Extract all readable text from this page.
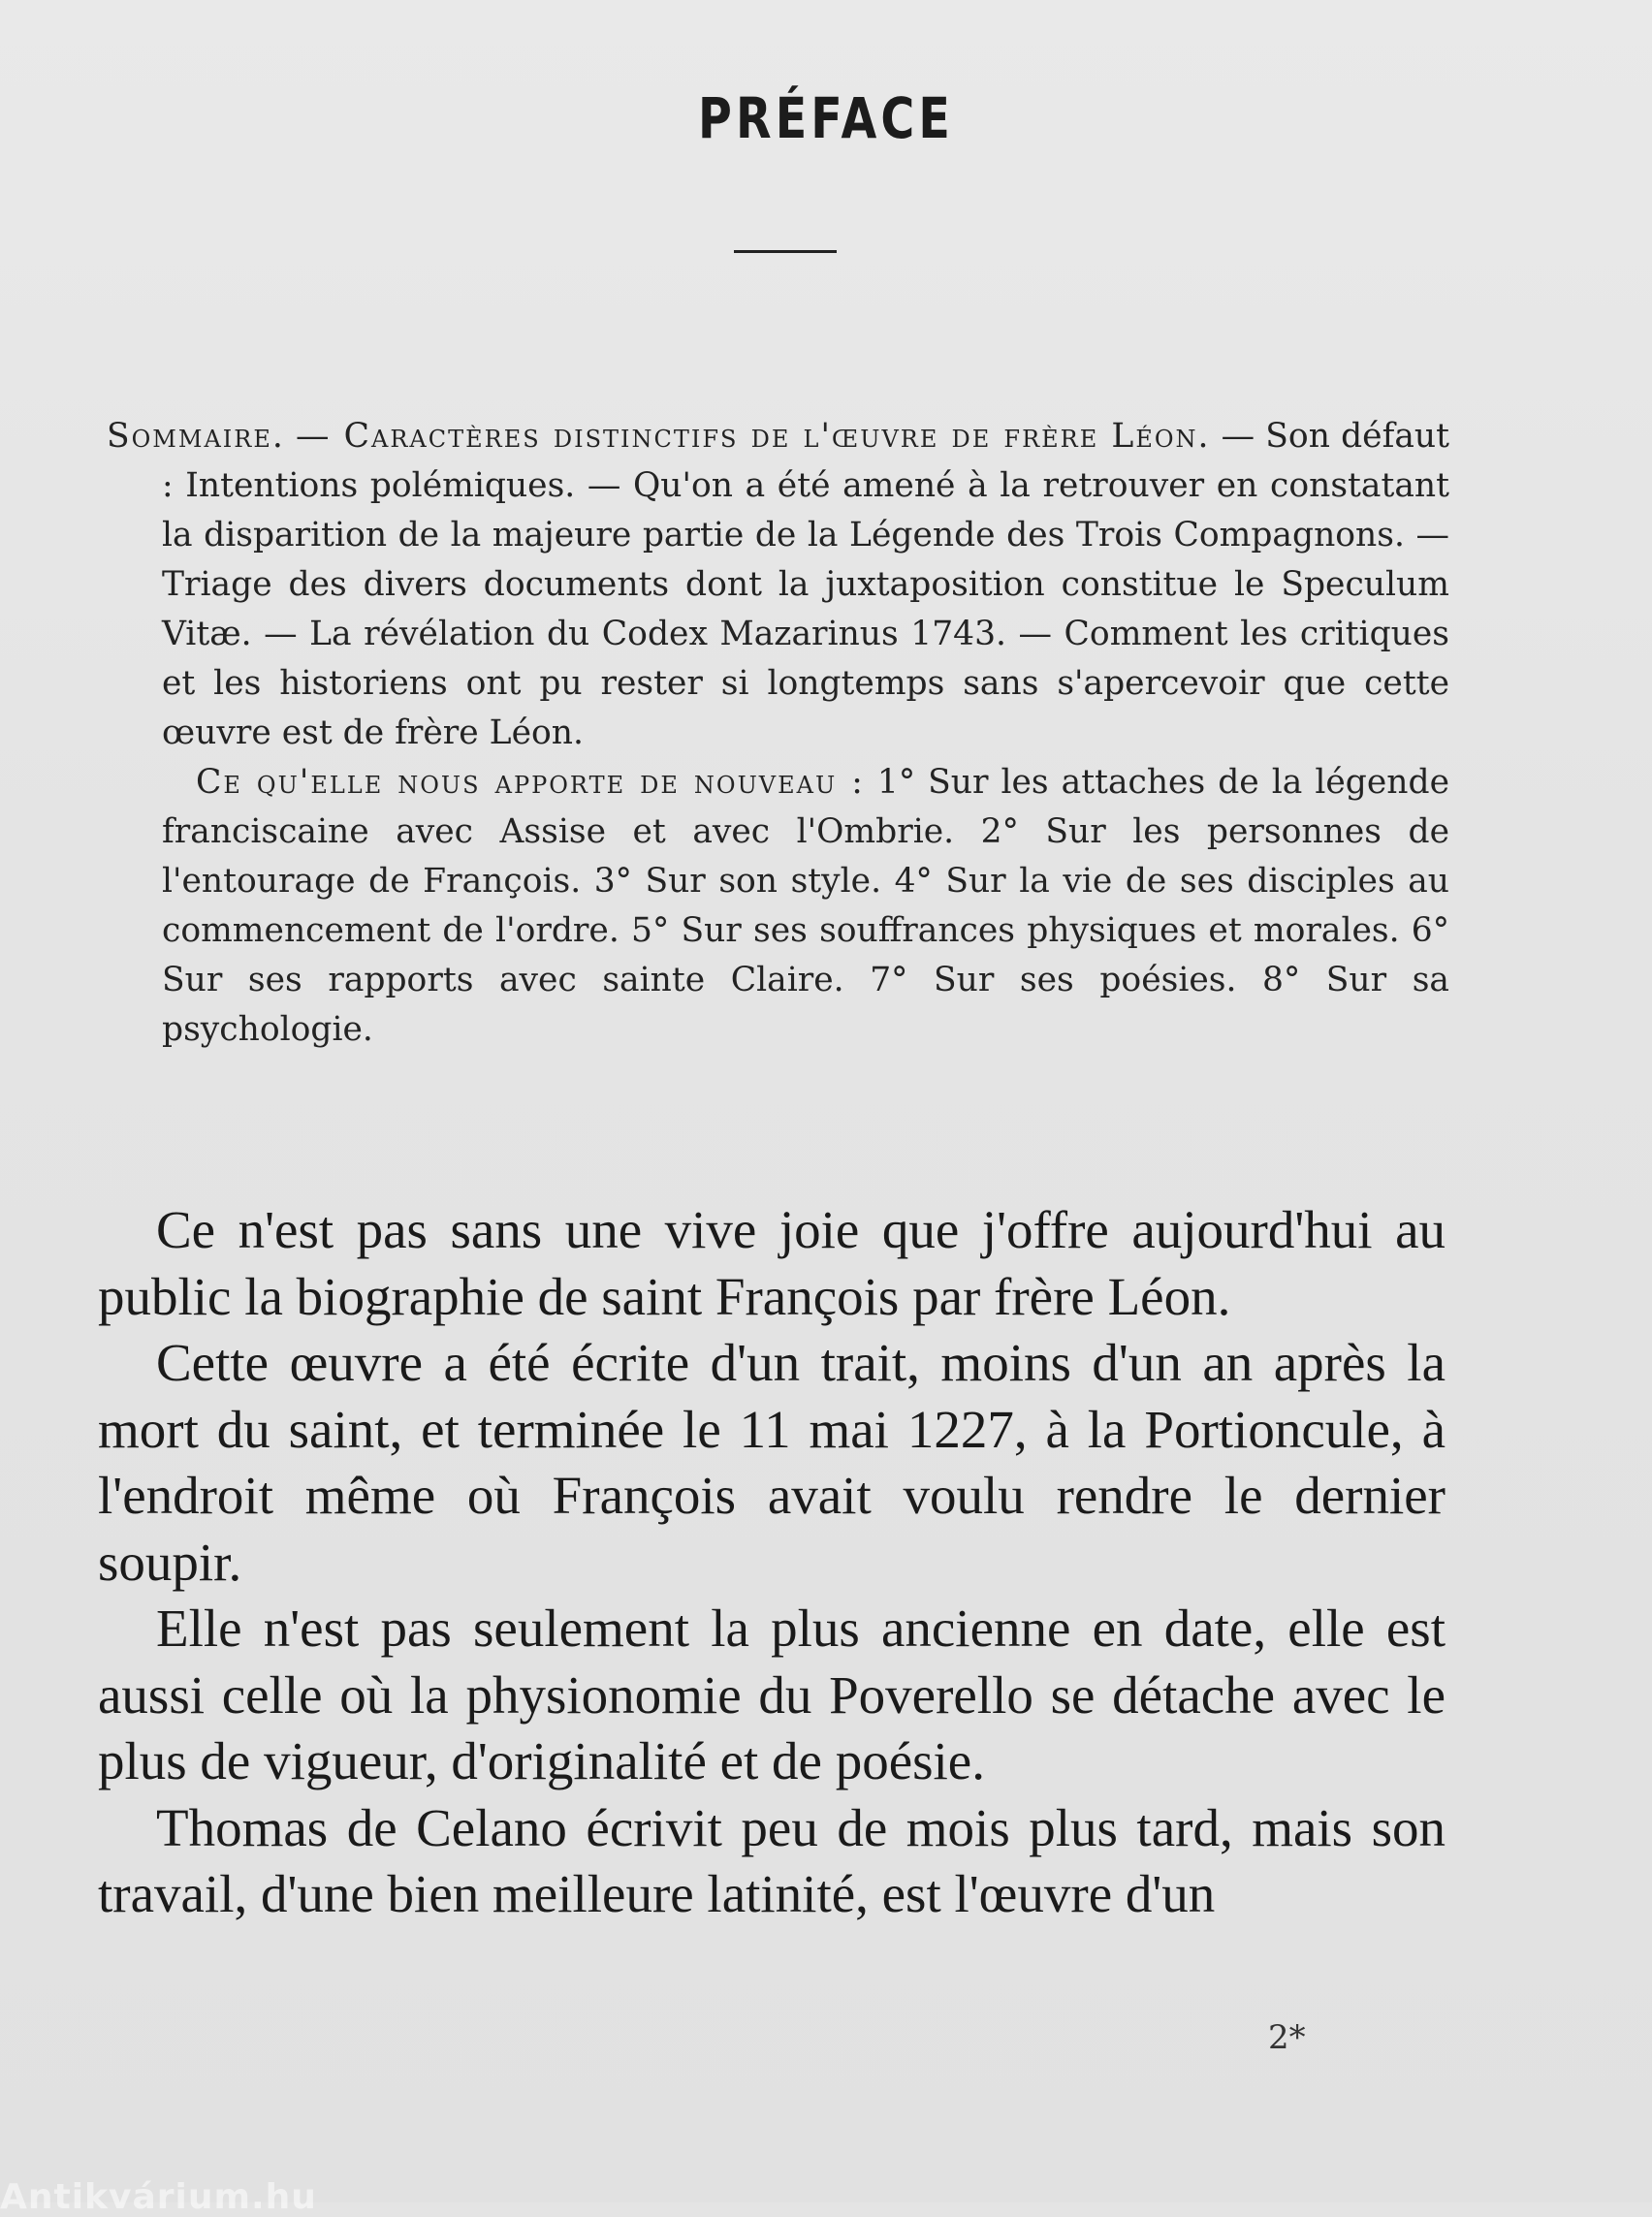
PRÉFACE

Sommaire. — Caractères distinctifs de l'œuvre de frère Léon. — Son défaut : Intentions polémiques. — Qu'on a été amené à la retrouver en constatant la disparition de la majeure partie de la Légende des Trois Compagnons. — Triage des divers documents dont la juxtaposition constitue le Speculum Vitæ. — La révélation du Codex Mazarinus 1743. — Comment les critiques et les historiens ont pu rester si longtemps sans s'apercevoir que cette œuvre est de frère Léon.

Ce qu'elle nous apporte de nouveau : 1° Sur les attaches de la légende franciscaine avec Assise et avec l'Ombrie. 2° Sur les personnes de l'entourage de François. 3° Sur son style. 4° Sur la vie de ses disciples au commencement de l'ordre. 5° Sur ses souffrances physiques et morales. 6° Sur ses rapports avec sainte Claire. 7° Sur ses poésies. 8° Sur sa psychologie.

Ce n'est pas sans une vive joie que j'offre aujourd'hui au public la biographie de saint François par frère Léon.

Cette œuvre a été écrite d'un trait, moins d'un an après la mort du saint, et terminée le 11 mai 1227, à la Portioncule, à l'endroit même où François avait voulu rendre le dernier soupir.

Elle n'est pas seulement la plus ancienne en date, elle est aussi celle où la physionomie du Poverello se détache avec le plus de vigueur, d'originalité et de poésie.

Thomas de Celano écrivit peu de mois plus tard, mais son travail, d'une bien meilleure latinité, est l'œuvre d'un

2*
Antikvárium.hu
